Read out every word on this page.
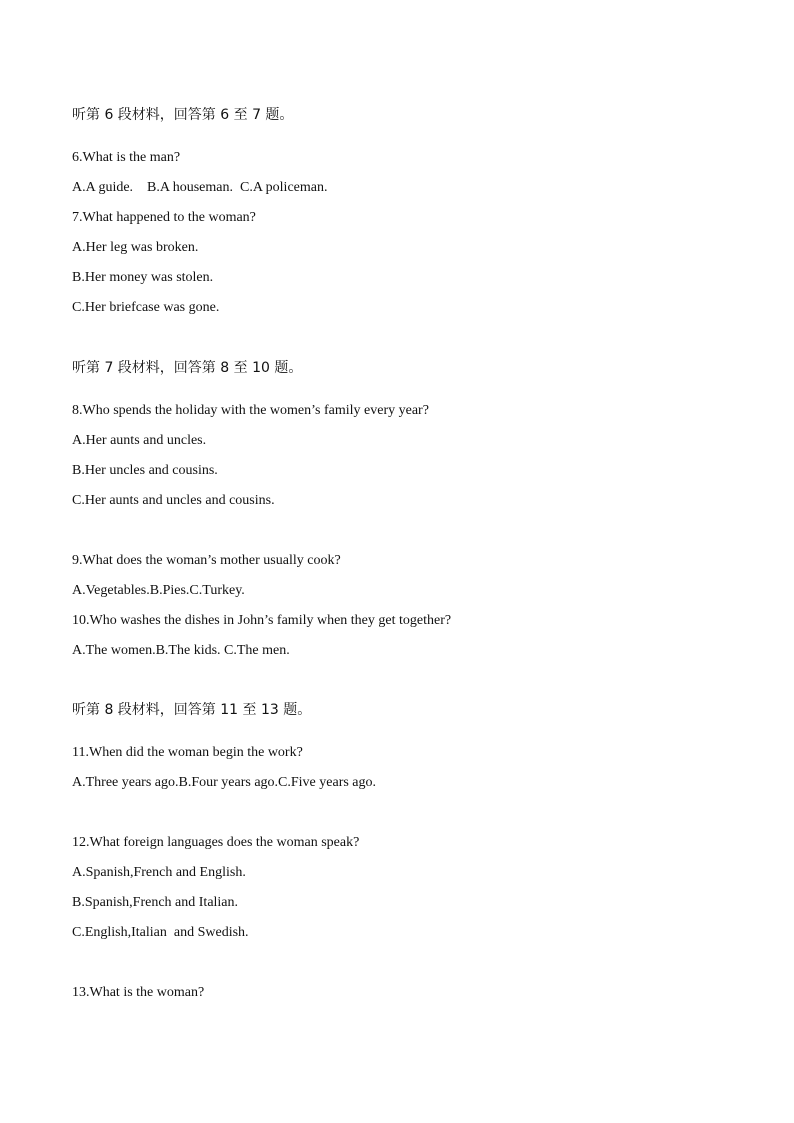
听第 6 段材料，回答第 6 至 7 题。
6.What is the man?
A.A guide.    B.A houseman.  C.A policeman.
7.What happened to the woman?
A.Her leg was broken.
B.Her money was stolen.
C.Her briefcase was gone.
听第 7 段材料，回答第 8 至 10 题。
8.Who spends the holiday with the women’s family every year?
A.Her aunts and uncles.
B.Her uncles and cousins.
C.Her aunts and uncles and cousins.
9.What does the woman’s mother usually cook?
A.Vegetables.B.Pies.C.Turkey.
10.Who washes the dishes in John’s family when they get together?
A.The women.B.The kids. C.The men.
听第 8 段材料，回答第 11 至 13 题。
11.When did the woman begin the work?
A.Three years ago.B.Four years ago.C.Five years ago.
12.What foreign languages does the woman speak?
A.Spanish,French and English.
B.Spanish,French and Italian.
C.English,Italian  and Swedish.
13.What is the woman?
